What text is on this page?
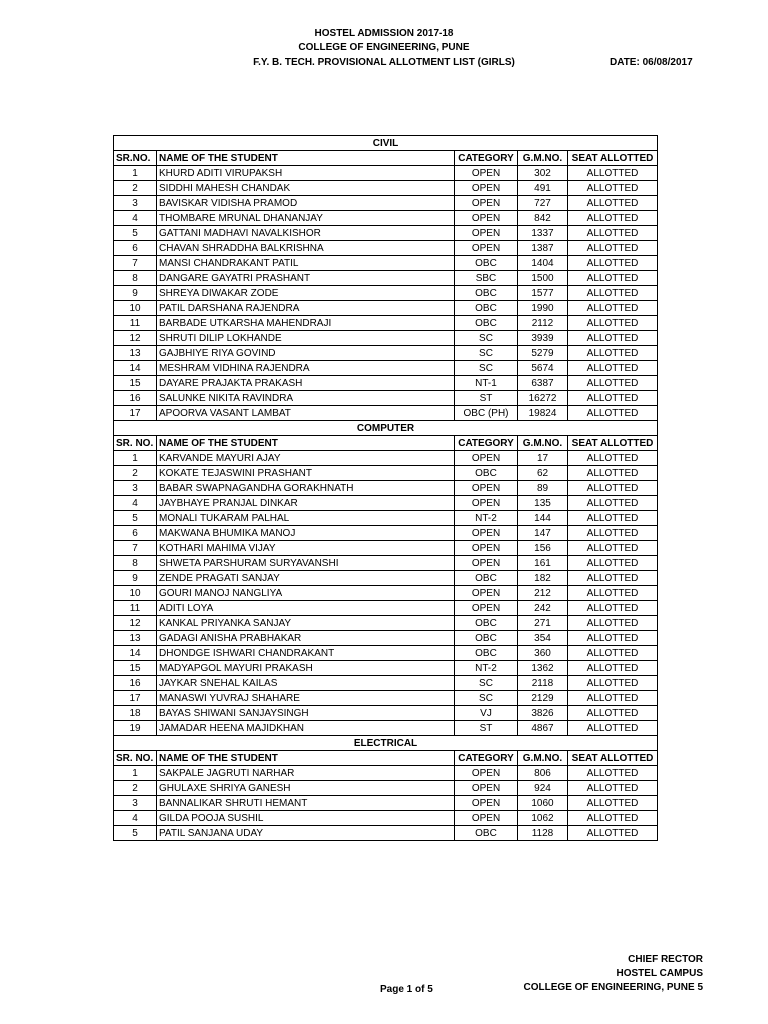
HOSTEL ADMISSION 2017-18
COLLEGE OF ENGINEERING, PUNE
F.Y. B. TECH. PROVISIONAL ALLOTMENT LIST (GIRLS)	DATE: 06/08/2017
CIVIL				
SR.NO.	NAME OF THE STUDENT	CATEGORY	G.M.NO.	SEAT ALLOTTED
1	KHURD ADITI VIRUPAKSH	OPEN	302	ALLOTTED
2	SIDDHI MAHESH CHANDAK	OPEN	491	ALLOTTED
3	BAVISKAR VIDISHA PRAMOD	OPEN	727	ALLOTTED
4	THOMBARE MRUNAL DHANANJAY	OPEN	842	ALLOTTED
5	GATTANI MADHAVI NAVALKISHOR	OPEN	1337	ALLOTTED
6	CHAVAN SHRADDHA BALKRISHNA	OPEN	1387	ALLOTTED
7	MANSI CHANDRAKANT PATIL	OBC	1404	ALLOTTED
8	DANGARE GAYATRI PRASHANT	SBC	1500	ALLOTTED
9	SHREYA DIWAKAR ZODE	OBC	1577	ALLOTTED
10	PATIL DARSHANA RAJENDRA	OBC	1990	ALLOTTED
11	BARBADE UTKARSHA MAHENDRAJI	OBC	2112	ALLOTTED
12	SHRUTI DILIP LOKHANDE	SC	3939	ALLOTTED
13	GAJBHIYE RIYA GOVIND	SC	5279	ALLOTTED
14	MESHRAM VIDHINA RAJENDRA	SC	5674	ALLOTTED
15	DAYARE PRAJAKTA PRAKASH	NT-1	6387	ALLOTTED
16	SALUNKE NIKITA RAVINDRA	ST	16272	ALLOTTED
17	APOORVA VASANT LAMBAT	OBC (PH)	19824	ALLOTTED
COMPUTER				
SR. NO.	NAME OF THE STUDENT	CATEGORY	G.M.NO.	SEAT ALLOTTED
1	KARVANDE MAYURI AJAY	OPEN	17	ALLOTTED
2	KOKATE TEJASWINI PRASHANT	OBC	62	ALLOTTED
3	BABAR SWAPNAGANDHA GORAKHNATH	OPEN	89	ALLOTTED
4	JAYBHAYE PRANJAL DINKAR	OPEN	135	ALLOTTED
5	MONALI TUKARAM PALHAL	NT-2	144	ALLOTTED
6	MAKWANA BHUMIKA MANOJ	OPEN	147	ALLOTTED
7	KOTHARI MAHIMA VIJAY	OPEN	156	ALLOTTED
8	SHWETA PARSHURAM SURYAVANSHI	OPEN	161	ALLOTTED
9	ZENDE PRAGATI SANJAY	OBC	182	ALLOTTED
10	GOURI MANOJ NANGLIYA	OPEN	212	ALLOTTED
11	ADITI LOYA	OPEN	242	ALLOTTED
12	KANKAL PRIYANKA SANJAY	OBC	271	ALLOTTED
13	GADAGI ANISHA PRABHAKAR	OBC	354	ALLOTTED
14	DHONDGE ISHWARI CHANDRAKANT	OBC	360	ALLOTTED
15	MADYAPGOL MAYURI PRAKASH	NT-2	1362	ALLOTTED
16	JAYKAR SNEHAL KAILAS	SC	2118	ALLOTTED
17	MANASWI YUVRAJ SHAHARE	SC	2129	ALLOTTED
18	BAYAS SHIWANI SANJAYSINGH	VJ	3826	ALLOTTED
19	JAMADAR HEENA MAJIDKHAN	ST	4867	ALLOTTED
ELECTRICAL				
SR. NO.	NAME OF THE STUDENT	CATEGORY	G.M.NO.	SEAT ALLOTTED
1	SAKPALE JAGRUTI NARHAR	OPEN	806	ALLOTTED
2	GHULAXE SHRIYA GANESH	OPEN	924	ALLOTTED
3	BANNALIKAR SHRUTI HEMANT	OPEN	1060	ALLOTTED
4	GILDA POOJA SUSHIL	OPEN	1062	ALLOTTED
5	PATIL SANJANA UDAY	OBC	1128	ALLOTTED
Page 1 of 5
CHIEF RECTOR
HOSTEL CAMPUS
COLLEGE OF ENGINEERING, PUNE 5
